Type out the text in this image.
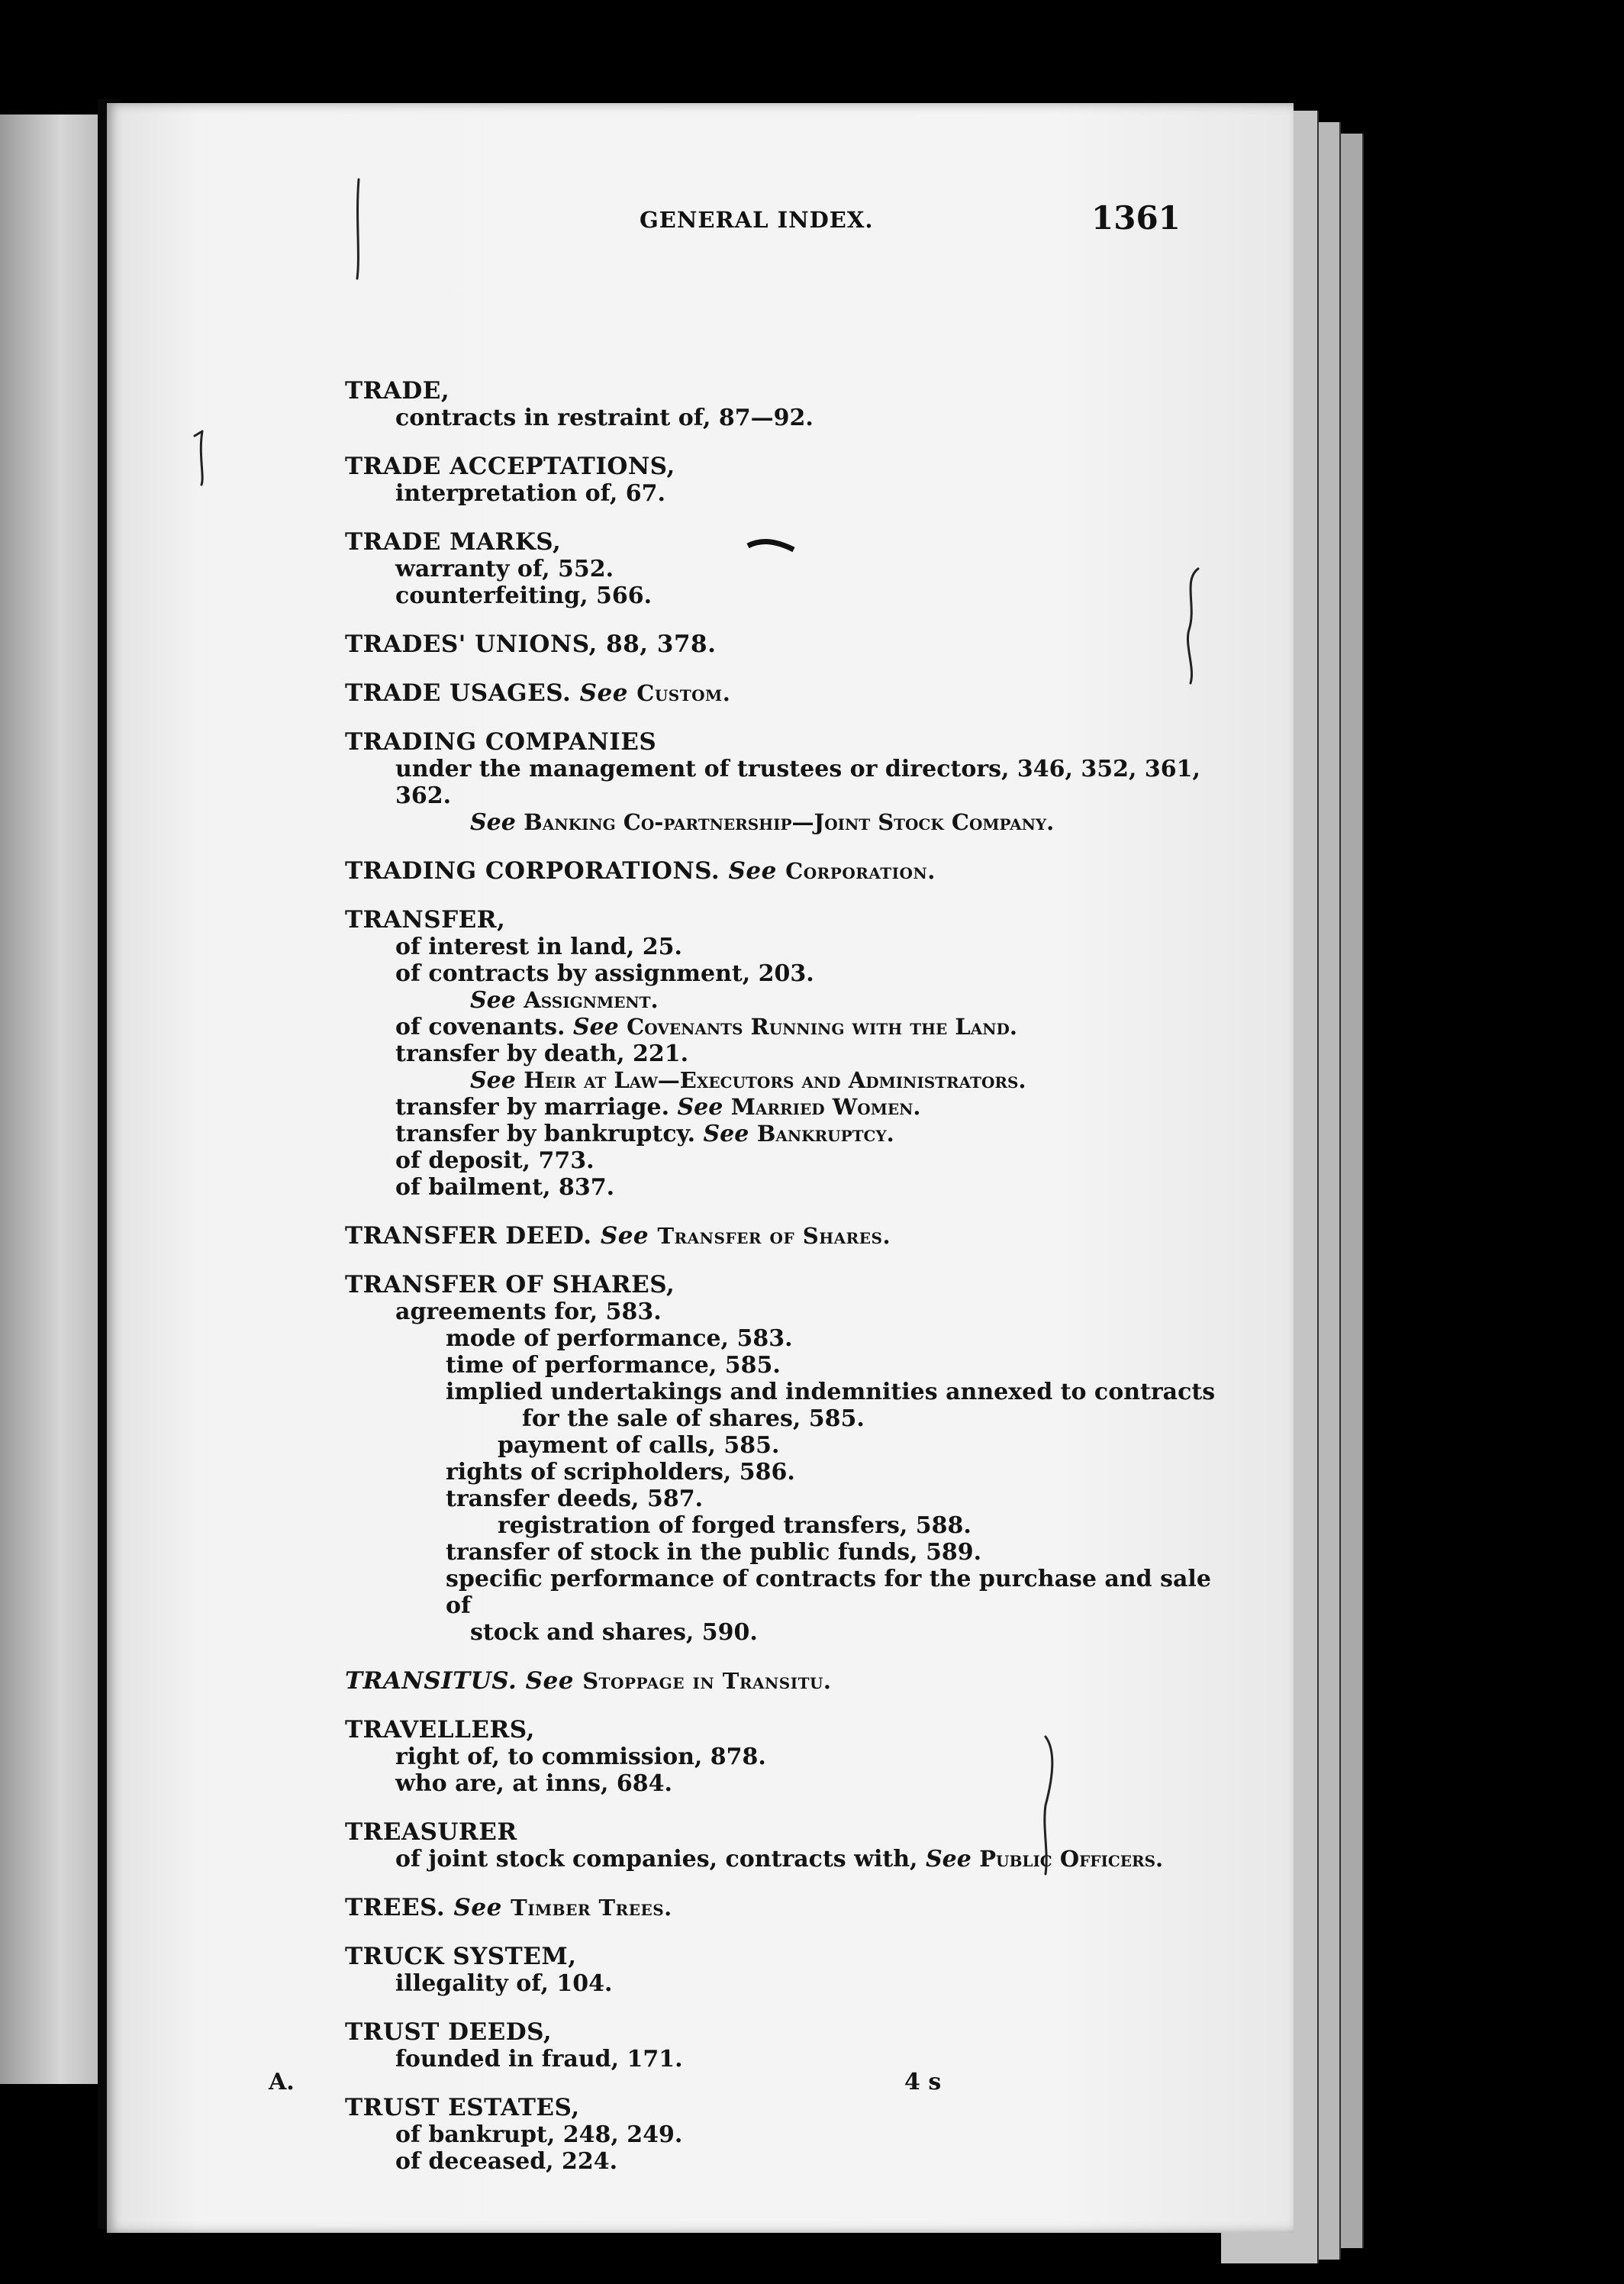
GENERAL INDEX.	1361
TRADE,
contracts in restraint of, 87—92.
TRADE ACCEPTATIONS,
interpretation of, 67.
TRADE MARKS,
warranty of, 552.
counterfeiting, 566.
TRADES' UNIONS, 88, 378.
TRADE USAGES. See Custom.
TRADING COMPANIES
under the management of trustees or directors, 346, 352, 361, 362.
See Banking Co-partnership—Joint Stock Company.
TRADING CORPORATIONS. See Corporation.
TRANSFER,
of interest in land, 25.
of contracts by assignment, 203.
See Assignment.
of covenants. See Covenants Running with the Land.
transfer by death, 221.
See Heir at Law—Executors and Administrators.
transfer by marriage. See Married Women.
transfer by bankruptcy. See Bankruptcy.
of deposit, 773.
of bailment, 837.
TRANSFER DEED. See Transfer of Shares.
TRANSFER OF SHARES,
agreements for, 583.
mode of performance, 583.
time of performance, 585.
implied undertakings and indemnities annexed to contracts
for the sale of shares, 585.
payment of calls, 585.
rights of scripholders, 586.
transfer deeds, 587.
registration of forged transfers, 588.
transfer of stock in the public funds, 589.
specific performance of contracts for the purchase and sale of
stock and shares, 590.
TRANSITUS. See Stoppage in Transitu.
TRAVELLERS,
right of, to commission, 878.
who are, at inns, 684.
TREASURER
of joint stock companies, contracts with, See Public Officers.
TREES. See Timber Trees.
TRUCK SYSTEM,
illegality of, 104.
TRUST DEEDS,
founded in fraud, 171.
TRUST ESTATES,
of bankrupt, 248, 249.
of deceased, 224.
A.	4 s
